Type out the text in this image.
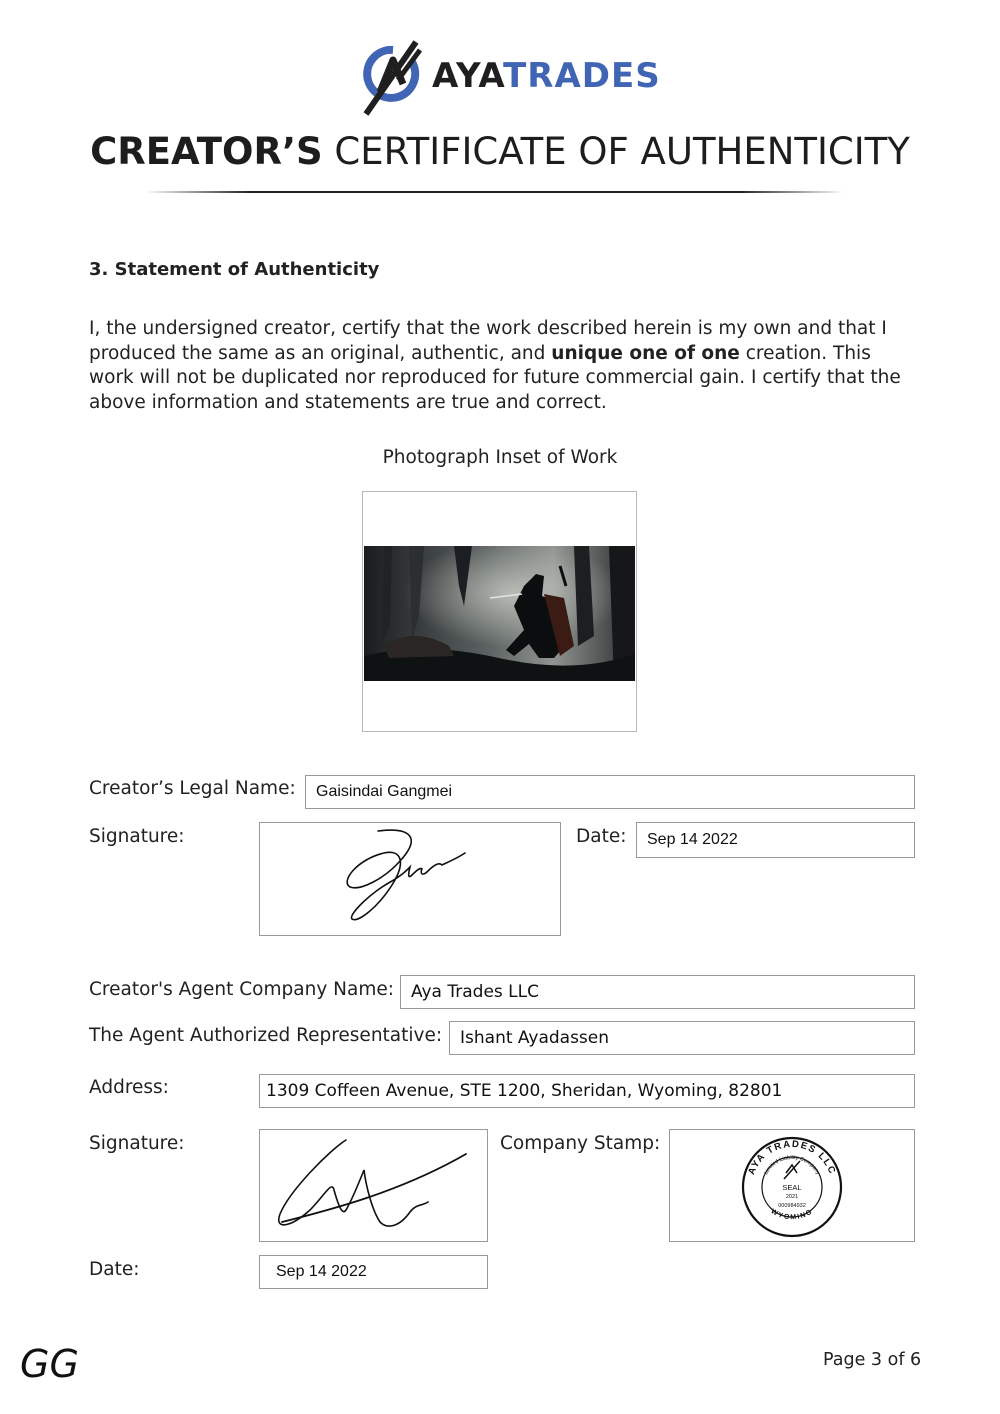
AYATRADES
CREATOR’S CERTIFICATE OF AUTHENTICITY
3. Statement of Authenticity
I, the undersigned creator, certify that the work described herein is my own and that I produced the same as an original, authentic, and unique one of one creation. This work will not be duplicated nor reproduced for future commercial gain. I certify that the above information and statements are true and correct.
Photograph Inset of Work
Creator’s Legal Name: Gaisindai Gangmei
Signature:	Date: Sep 14 2022
Creator's Agent Company Name: Aya Trades LLC
The Agent Authorized Representative: Ishant Ayadassen
Address:	1309 Coffeen Avenue, STE 1200, Sheridan, Wyoming, 82801
Signature:	Company Stamp:
AYA TRADES LLC
Limited Liability Company
WYOMING
SEAL
2021
000984932
Date:	Sep 14 2022
GG	Page 3 of 6
